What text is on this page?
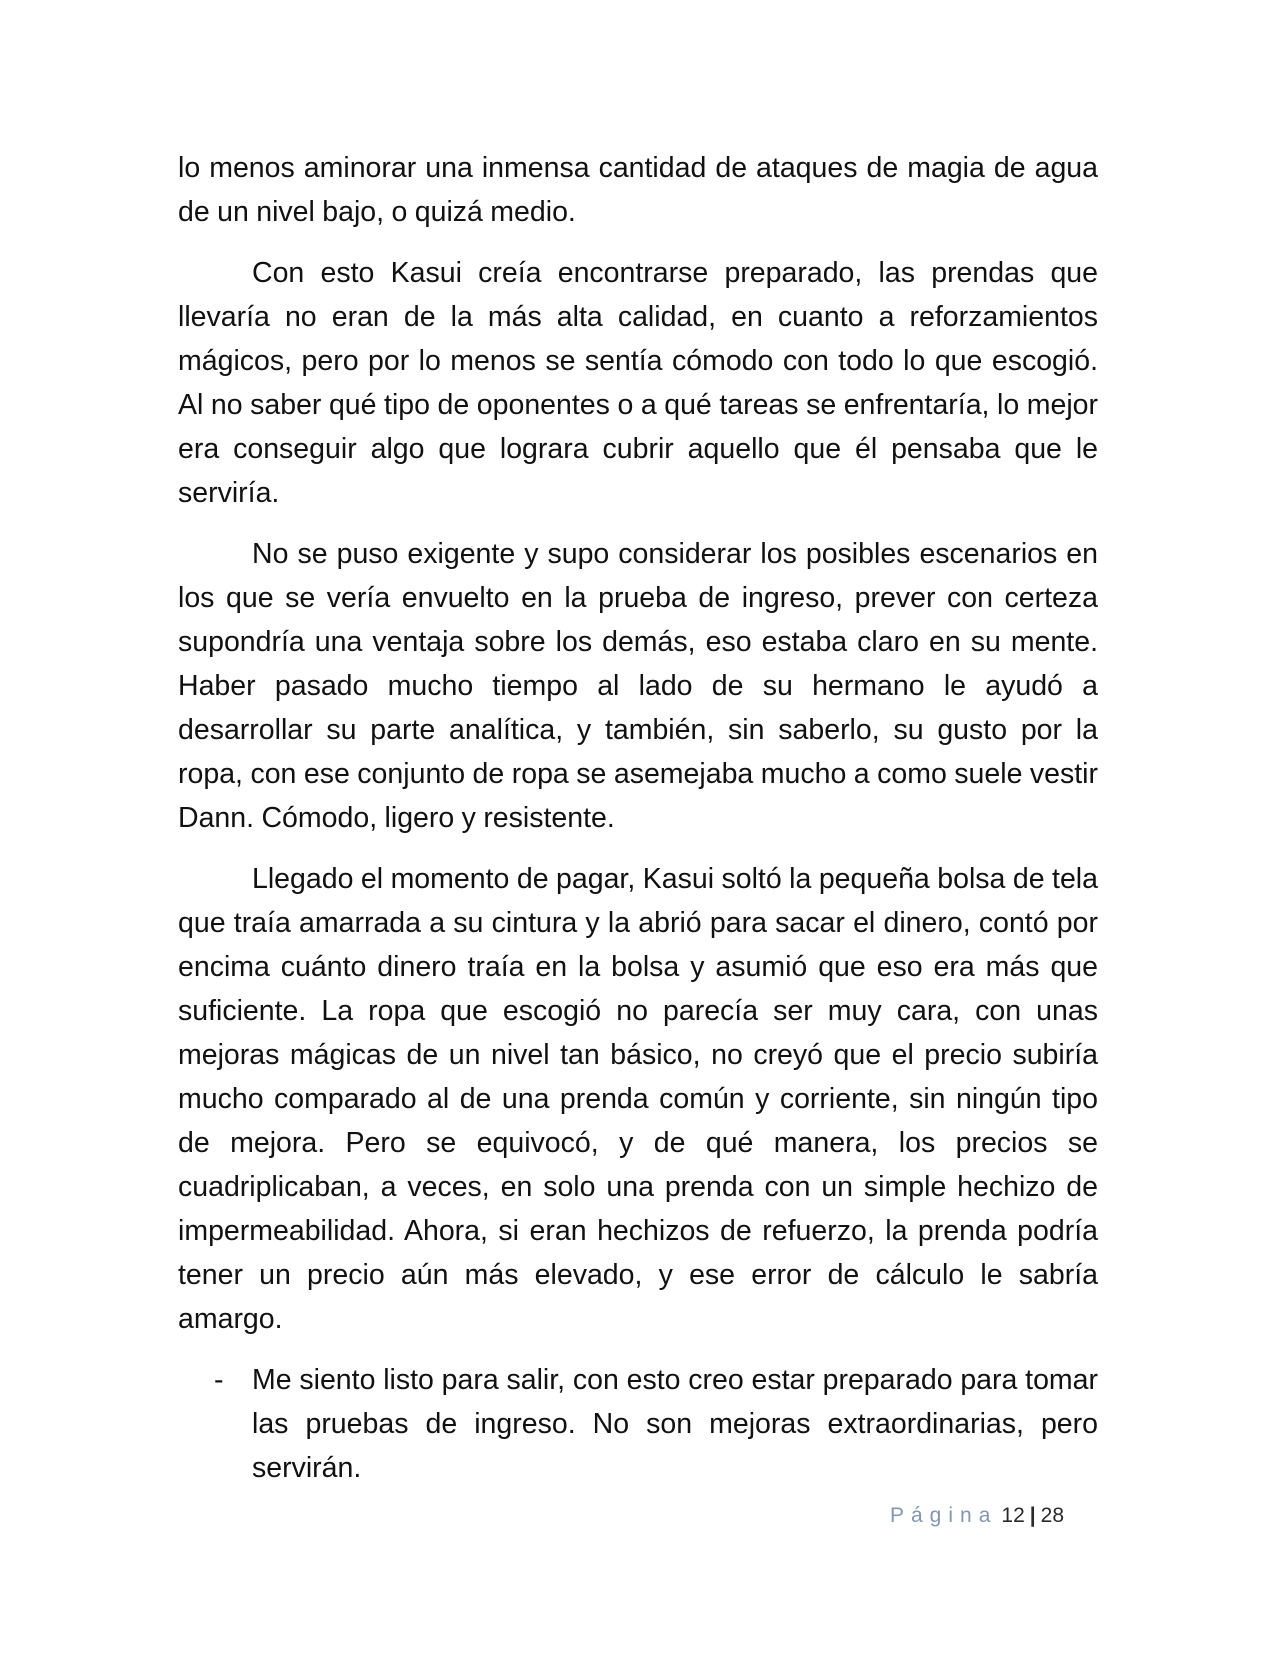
lo menos aminorar una inmensa cantidad de ataques de magia de agua de un nivel bajo, o quizá medio.

Con esto Kasui creía encontrarse preparado, las prendas que llevaría no eran de la más alta calidad, en cuanto a reforzamientos mágicos, pero por lo menos se sentía cómodo con todo lo que escogió. Al no saber qué tipo de oponentes o a qué tareas se enfrentaría, lo mejor era conseguir algo que lograra cubrir aquello que él pensaba que le serviría.

No se puso exigente y supo considerar los posibles escenarios en los que se vería envuelto en la prueba de ingreso, prever con certeza supondría una ventaja sobre los demás, eso estaba claro en su mente. Haber pasado mucho tiempo al lado de su hermano le ayudó a desarrollar su parte analítica, y también, sin saberlo, su gusto por la ropa, con ese conjunto de ropa se asemejaba mucho a como suele vestir Dann. Cómodo, ligero y resistente.

Llegado el momento de pagar, Kasui soltó la pequeña bolsa de tela que traía amarrada a su cintura y la abrió para sacar el dinero, contó por encima cuánto dinero traía en la bolsa y asumió que eso era más que suficiente. La ropa que escogió no parecía ser muy cara, con unas mejoras mágicas de un nivel tan básico, no creyó que el precio subiría mucho comparado al de una prenda común y corriente, sin ningún tipo de mejora. Pero se equivocó, y de qué manera, los precios se cuadriplicaban, a veces, en solo una prenda con un simple hechizo de impermeabilidad. Ahora, si eran hechizos de refuerzo, la prenda podría tener un precio aún más elevado, y ese error de cálculo le sabría amargo.

- Me siento listo para salir, con esto creo estar preparado para tomar las pruebas de ingreso. No son mejoras extraordinarias, pero servirán.

Página 12 | 28
